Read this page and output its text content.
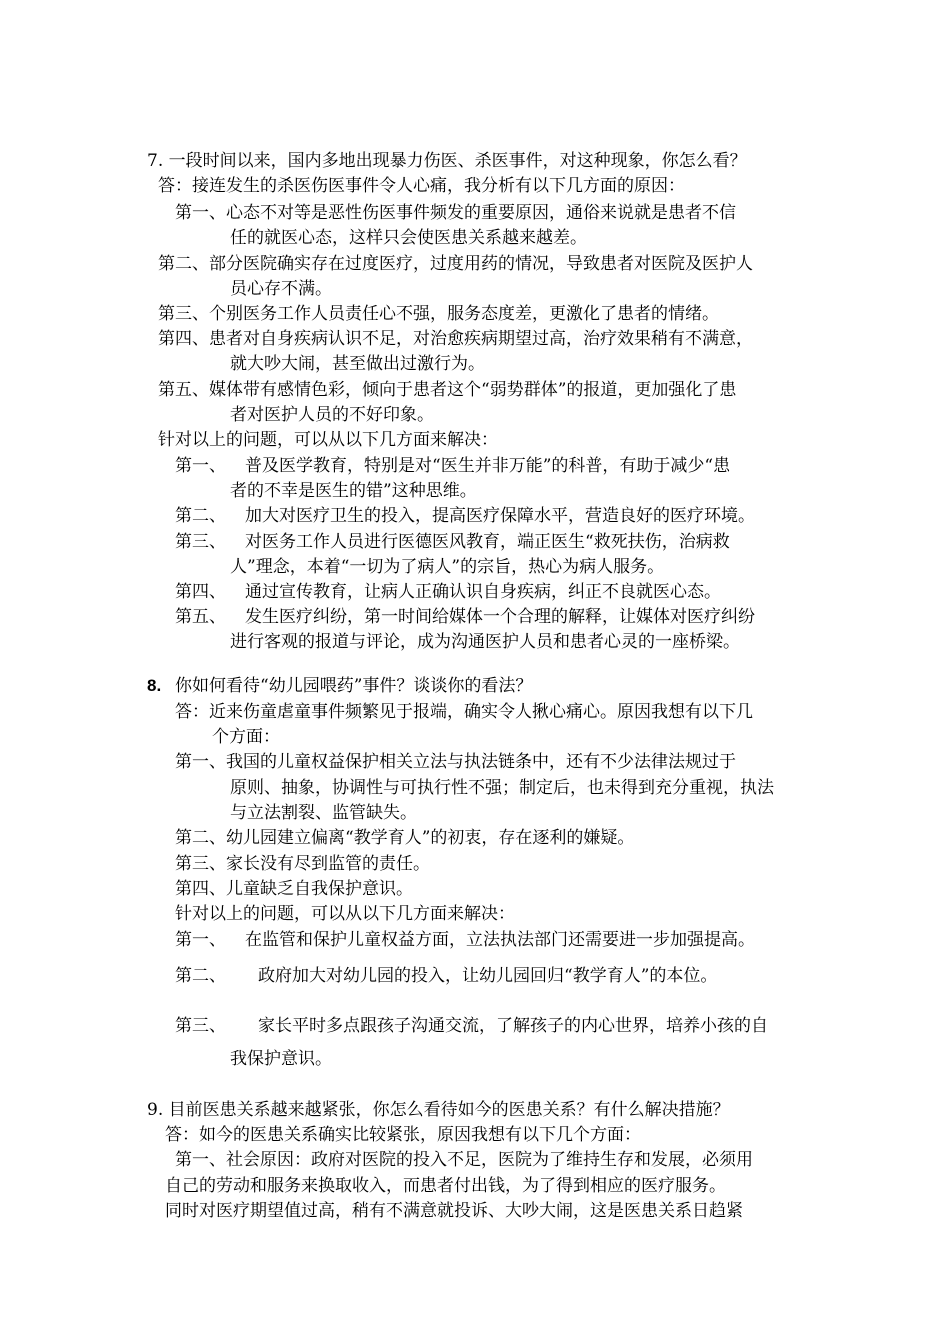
7. 一段时间以来，国内多地出现暴力伤医、杀医事件，对这种现象，你怎么看？
答：接连发生的杀医伤医事件令人心痛，我分析有以下几方面的原因：
第一、心态不对等是恶性伤医事件频发的重要原因，通俗来说就是患者不信
任的就医心态，这样只会使医患关系越来越差。
第二、部分医院确实存在过度医疗，过度用药的情况，导致患者对医院及医护人
员心存不满。
第三、个别医务工作人员责任心不强，服务态度差，更激化了患者的情绪。
第四、患者对自身疾病认识不足，对治愈疾病期望过高，治疗效果稍有不满意，
就大吵大闹，甚至做出过激行为。
第五、媒体带有感情色彩，倾向于患者这个“弱势群体”的报道，更加强化了患
者对医护人员的不好印象。
针对以上的问题，可以从以下几方面来解决：
第一、 普及医学教育，特别是对“医生并非万能”的科普，有助于减少“患
者的不幸是医生的错”这种思维。
第二、 加大对医疗卫生的投入，提高医疗保障水平，营造良好的医疗环境。
第三、 对医务工作人员进行医德医风教育，端正医生“救死扶伤，治病救
人”理念，本着“一切为了病人”的宗旨，热心为病人服务。
第四、 通过宣传教育，让病人正确认识自身疾病，纠正不良就医心态。
第五、 发生医疗纠纷，第一时间给媒体一个合理的解释，让媒体对医疗纠纷
进行客观的报道与评论，成为沟通医护人员和患者心灵的一座桥梁。
8. 你如何看待“幼儿园喂药”事件？谈谈你的看法？
答：近来伤童虐童事件频繁见于报端，确实令人揪心痛心。原因我想有以下几
个方面：
第一、我国的儿童权益保护相关立法与执法链条中，还有不少法律法规过于
原则、抽象，协调性与可执行性不强；制定后，也未得到充分重视，执法
与立法割裂、监管缺失。
第二、幼儿园建立偏离“教学育人”的初衷，存在逐利的嫌疑。
第三、家长没有尽到监管的责任。
第四、儿童缺乏自我保护意识。
针对以上的问题，可以从以下几方面来解决：
第一、 在监管和保护儿童权益方面，立法执法部门还需要进一步加强提高。
第二、 政府加大对幼儿园的投入，让幼儿园回归“教学育人”的本位。
第三、 家长平时多点跟孩子沟通交流，了解孩子的内心世界，培养小孩的自
我保护意识。
9. 目前医患关系越来越紧张，你怎么看待如今的医患关系？有什么解决措施？
答：如今的医患关系确实比较紧张，原因我想有以下几个方面：
第一、社会原因：政府对医院的投入不足，医院为了维持生存和发展，必须用
自己的劳动和服务来换取收入，而患者付出钱，为了得到相应的医疗服务。
同时对医疗期望值过高，稍有不满意就投诉、大吵大闹，这是医患关系日趋紧
